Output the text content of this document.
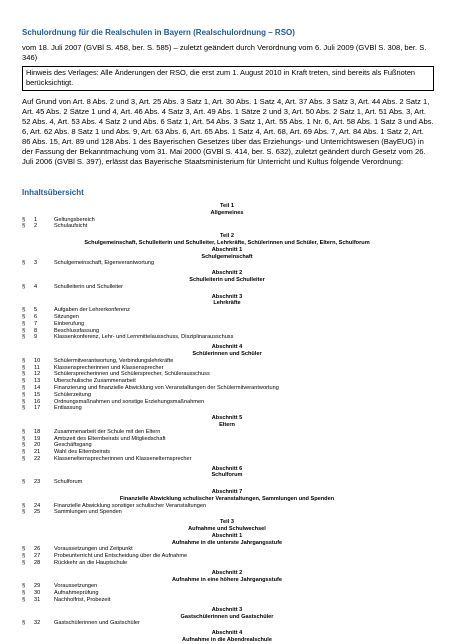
Schulordnung für die Realschulen in Bayern (Realschulordnung – RSO)
vom 18. Juli 2007 (GVBl S. 458, ber. S. 585) – zuletzt geändert durch Verordnung vom 6. Juli 2009 (GVBl S. 308, ber. S. 346)
Hinweis des Verlages: Alle Änderungen der RSO, die erst zum 1. August 2010 in Kraft treten, sind bereits als Fußnoten berücksichtigt.
Auf Grund von Art. 8 Abs. 2 und 3, Art. 25 Abs. 3 Satz 1, Art. 30 Abs. 1 Satz 4, Art. 37 Abs. 3 Satz 3, Art. 44 Abs. 2 Satz 1, Art. 45 Abs. 2 Sätze 1 und 4, Art. 46 Abs. 4 Satz 3, Art. 49 Abs. 1 Sätze 2 und 3, Art. 50 Abs. 2 Satz 1, Art. 51 Abs. 3, Art. 52 Abs. 4, Art. 53 Abs. 4 Satz 2 und Abs. 6 Satz 1, Art. 54 Abs. 3 Satz 1, Art. 55 Abs. 1 Nr. 6, Art. 58 Abs. 1 Satz 3 und Abs. 6, Art. 62 Abs. 8 Satz 1 und Abs. 9, Art. 63 Abs. 6, Art. 65 Abs. 1 Satz 4, Art. 68, Art. 69 Abs. 7, Art. 84 Abs. 1 Satz 2, Art. 86 Abs. 15, Art. 89 und 128 Abs. 1 des Bayerischen Gesetzes über das Erziehungs- und Unterrichtswesen (BayEUG) in der Fassung der Bekanntmachung vom 31. Mai 2000 (GVBl S. 414, ber. S. 632), zuletzt geändert durch Gesetz vom 26. Juli 2006 (GVBl S. 397), erlässt das Bayerische Staatsministerium für Unterricht und Kultus folgende Verordnung:
Inhaltsübersicht
Teil 1
Allgemeines
§	1	Geltungsbereich
§	2	Schulaufsicht
Teil 2
Schulgemeinschaft, Schulleiterin und Schulleiter, Lehrkräfte, Schülerinnen und Schüler, Eltern, Schulforum
Abschnitt 1
Schulgemeinschaft
§	3	Schulgemeinschaft, Eigenverantwortung
Abschnitt 2
Schulleiterin und Schulleiter
§	4	Schulleiterin und Schulleiter
Abschnitt 3
Lehrkräfte
§	5	Aufgaben der Lehrerkonferenz
§	6	Sitzungen
§	7	Einberufung
§	8	Beschlussfassung
§	9	Klassenkonferenz, Lehr- und Lernmittelausschuss, Disziplinarausschuss
Abschnitt 4
Schülerinnen und Schüler
§	10	Schülermitverantwortung, Verbindungslehrkräfte
§	11	Klassensprecherinnen und Klassensprecher
§	12	Schülersprecherinnen und Schülersprecher, Schülerausschuss
§	13	Überschulische Zusammenarbeit
§	14	Finanzierung und finanzielle Abwicklung von Veranstaltungen der Schülermitverantwortung
§	15	Schülerzeitung
§	16	Ordnungsmaßnahmen und sonstige Erziehungsmaßnahmen
§	17	Entlassung
Abschnitt 5
Eltern
§	18	Zusammenarbeit der Schule mit den Eltern
§	19	Amtszeit des Elternbeirats und Mitgliedschaft
§	20	Geschäftsgang
§	21	Wahl des Elternbeirats
§	22	Klassenelternsprecherinnen und Klassenelternsprecher
Abschnitt 6
Schulforum
§	23	Schulforum
Abschnitt 7
Finanzielle Abwicklung schulischer Veranstaltungen, Sammlungen und Spenden
§	24	Finanzielle Abwicklung sonstiger schulischer Veranstaltungen
§	25	Sammlungen und Spenden
Teil 3
Aufnahme und Schulwechsel
Abschnitt 1
Aufnahme in die unterste Jahrgangsstufe
§	26	Voraussetzungen und Zeitpunkt
§	27	Probeunterricht und Entscheidung über die Aufnahme
§	28	Rückkehr an die Hauptschule
Abschnitt 2
Aufnahme in eine höhere Jahrgangsstufe
§	29	Voraussetzungen
§	30	Aufnahmeprüfung
§	31	Nachholfrist, Probezeit
Abschnitt 3
Gastschülerinnen und Gastschüler
§	32	Gastschülerinnen und Gastschüler
Abschnitt 4
Aufnahme in die Abendrealschule
